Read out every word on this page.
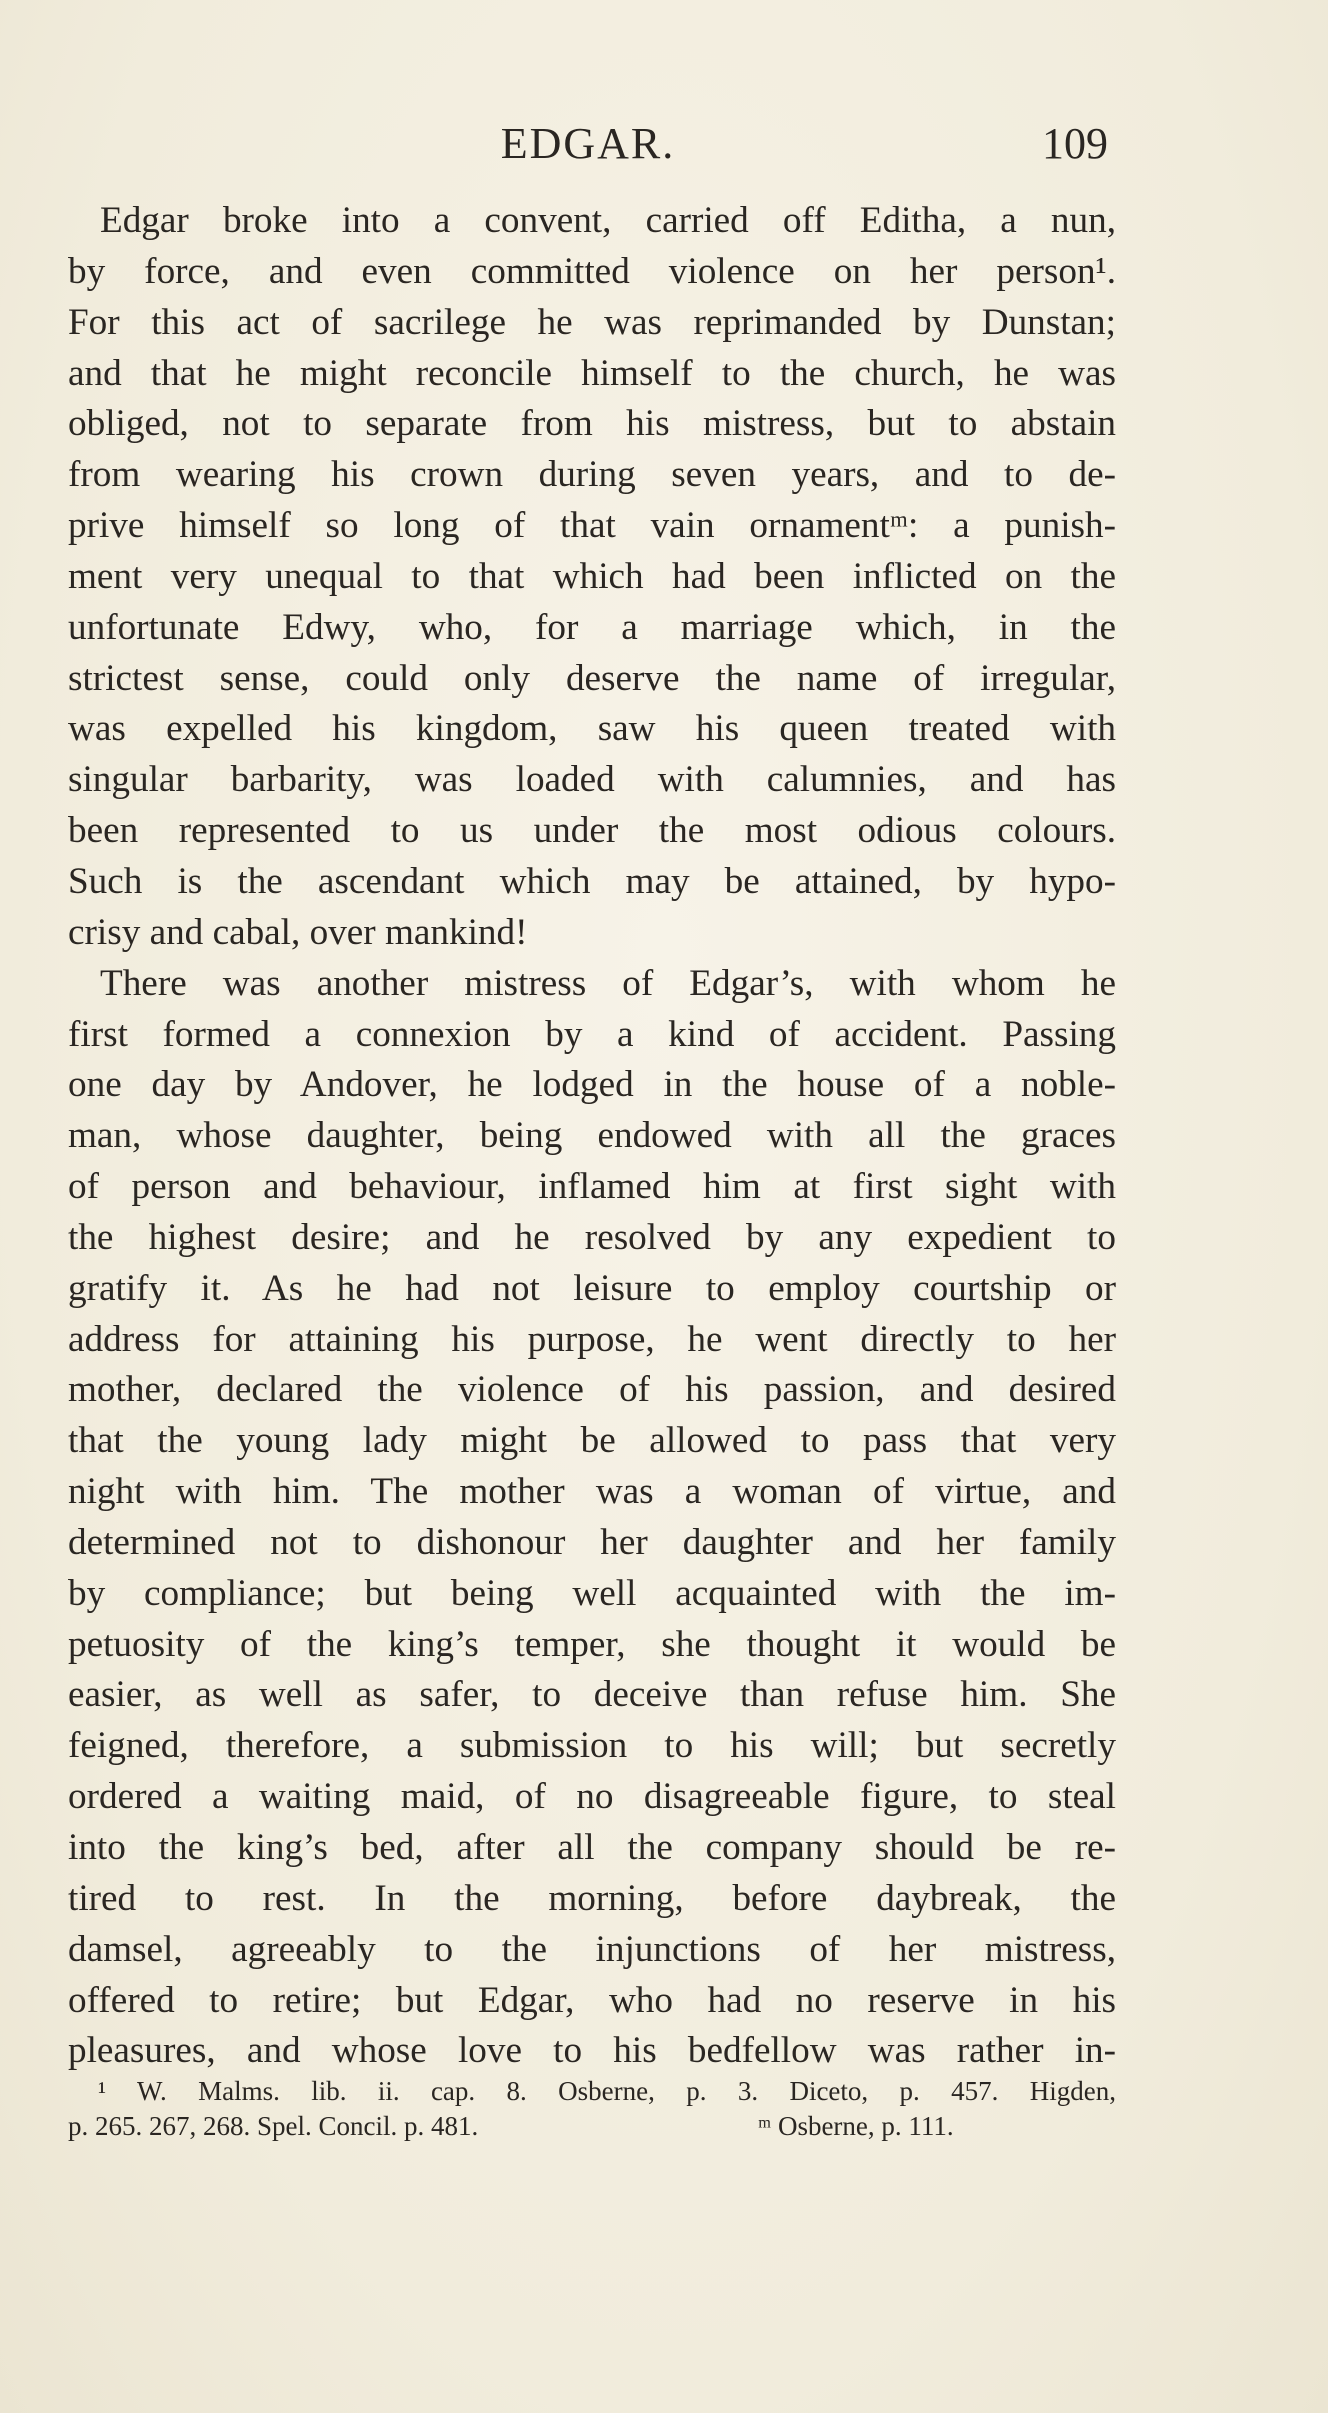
EDGAR.	109
Edgar broke into a convent, carried off Editha, a nun,
by force, and even committed violence on her person¹.
For this act of sacrilege he was reprimanded by Dunstan;
and that he might reconcile himself to the church, he was
obliged, not to separate from his mistress, but to abstain
from wearing his crown during seven years, and to de-
prive himself so long of that vain ornamentᵐ: a punish-
ment very unequal to that which had been inflicted on the
unfortunate Edwy, who, for a marriage which, in the
strictest sense, could only deserve the name of irregular,
was expelled his kingdom, saw his queen treated with
singular barbarity, was loaded with calumnies, and has
been represented to us under the most odious colours.
Such is the ascendant which may be attained, by hypo-
crisy and cabal, over mankind!
There was another mistress of Edgar’s, with whom he
first formed a connexion by a kind of accident. Passing
one day by Andover, he lodged in the house of a noble-
man, whose daughter, being endowed with all the graces
of person and behaviour, inflamed him at first sight with
the highest desire; and he resolved by any expedient to
gratify it. As he had not leisure to employ courtship or
address for attaining his purpose, he went directly to her
mother, declared the violence of his passion, and desired
that the young lady might be allowed to pass that very
night with him. The mother was a woman of virtue, and
determined not to dishonour her daughter and her family
by compliance; but being well acquainted with the im-
petuosity of the king’s temper, she thought it would be
easier, as well as safer, to deceive than refuse him. She
feigned, therefore, a submission to his will; but secretly
ordered a waiting maid, of no disagreeable figure, to steal
into the king’s bed, after all the company should be re-
tired to rest. In the morning, before daybreak, the
damsel, agreeably to the injunctions of her mistress,
offered to retire; but Edgar, who had no reserve in his
pleasures, and whose love to his bedfellow was rather in-
¹ W. Malms. lib. ii. cap. 8. Osberne, p. 3. Diceto, p. 457. Higden,
p. 265. 267, 268. Spel. Concil. p. 481.	ᵐ Osberne, p. 111.
